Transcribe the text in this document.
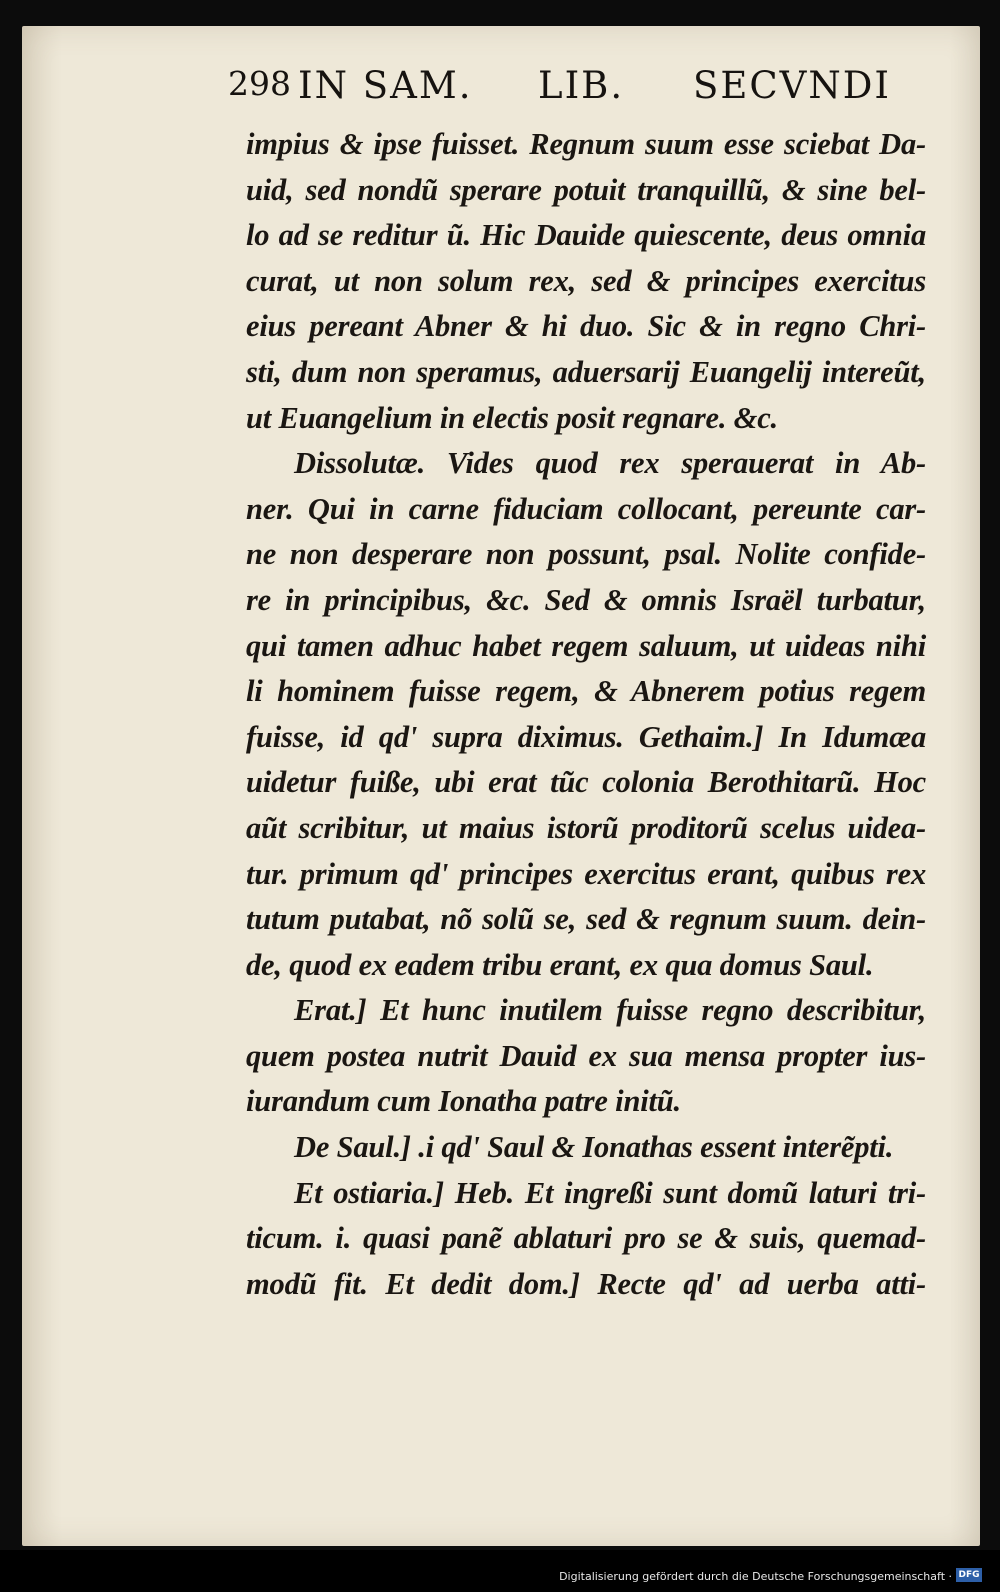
298 IN SAM. LIB. SECVNDI
impius & ipse fuisset. Regnum suum esse sciebat Da-
uid, sed nondũ sperare potuit tranquillũ, & sine bel-
lo ad se reditur ũ. Hic Dauide quiescente, deus omnia
curat, ut non solum rex, sed & principes exercitus
eius pereant Abner & hi duo. Sic & in regno Chri-
sti, dum non speramus, aduersarij Euangelij intereũt,
ut Euangelium in electis posit regnare. &c.
Dissolutæ. Vides quod rex sperauerat in Ab-
ner. Qui in carne fiduciam collocant, pereunte car-
ne non desperare non possunt, psal. Nolite confide-
re in principibus, &c. Sed & omnis Israël turbatur,
qui tamen adhuc habet regem saluum, ut uideas nihi
li hominem fuisse regem, & Abnerem potius regem
fuisse, id qd' supra diximus. Gethaim.] In Idumæa
uidetur fuiße, ubi erat tũc colonia Berothitarũ. Hoc
aũt scribitur, ut maius istorũ proditorũ scelus uidea-
tur. primum qd' principes exercitus erant, quibus rex
tutum putabat, nõ solũ se, sed & regnum suum. dein-
de, quod ex eadem tribu erant, ex qua domus Saul.
Erat.] Et hunc inutilem fuisse regno describitur,
quem postea nutrit Dauid ex sua mensa propter ius-
iurandum cum Ionatha patre initũ.
De Saul.] .i qd' Saul & Ionathas essent interẽpti.
Et ostiaria.] Heb. Et ingreßi sunt domũ laturi tri-
ticum. i. quasi panẽ ablaturi pro se & suis, quemad-
modũ fit. Et dedit dom.] Recte qd' ad uerba atti-
Digitalisierung gefördert durch die Deutsche Forschungsgemeinschaft · DFG
